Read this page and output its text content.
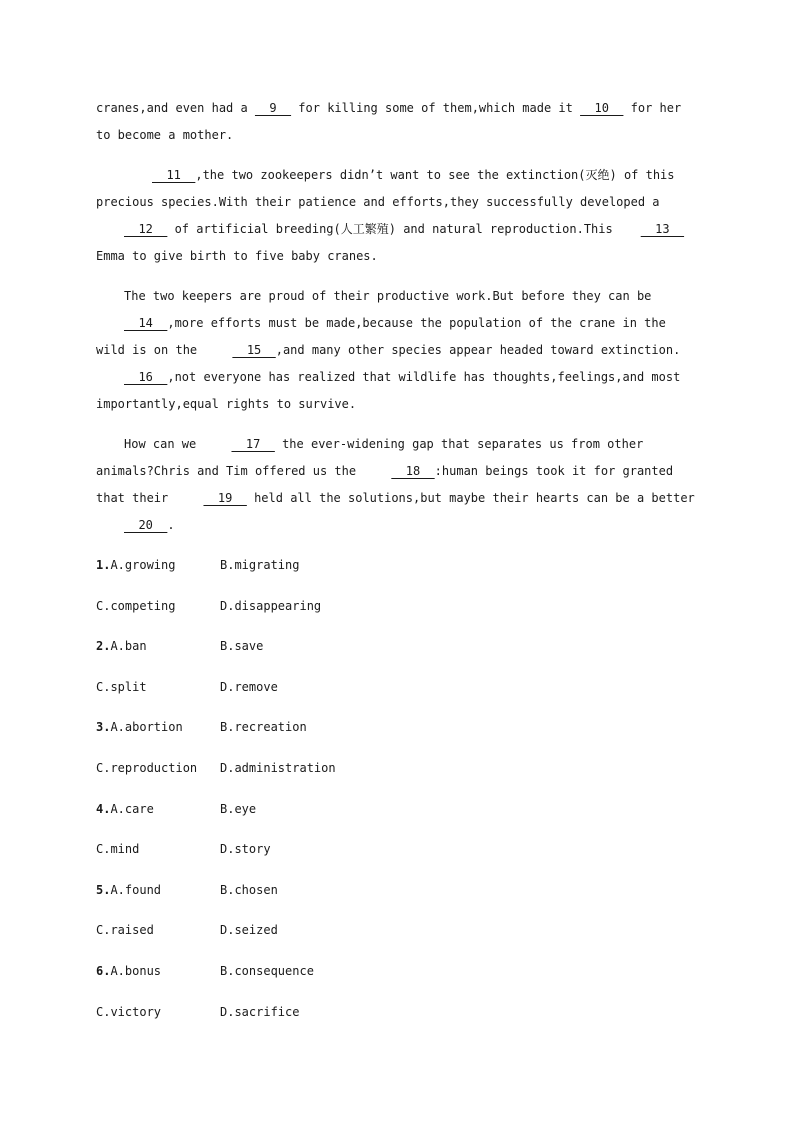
cranes,and even had a   9   for killing some of them,which made it   10   for her to become a mother.

11  ,the two zookeepers didn’t want to see the extinction(灭绝) of this precious species.With their patience and efforts,they successfully developed a   12   of artificial breeding(人工繁殖) and natural reproduction.This  13   Emma to give birth to five baby cranes.

The two keepers are proud of their productive work.But before they can be   14  ,more efforts must be made,because the population of the crane in the wild is on the   15  ,and many other species appear headed toward extinction.   16  ,not everyone has realized that wildlife has thoughts,feelings,and most importantly,equal rights to survive.

How can we   17   the ever-widening gap that separates us from other animals?Chris and Tim offered us the   18  :human beings took it for granted that their   19   held all the solutions,but maybe their hearts can be a better   20  .

1.A.growing	B.migrating
C.competing	D.disappearing
2.A.ban	B.save
C.split	D.remove
3.A.abortion	B.recreation
C.reproduction D.administration
4.A.care	B.eye
C.mind	D.story
5.A.found	B.chosen
C.raised	D.seized
6.A.bonus	B.consequence
C.victory	D.sacrifice
